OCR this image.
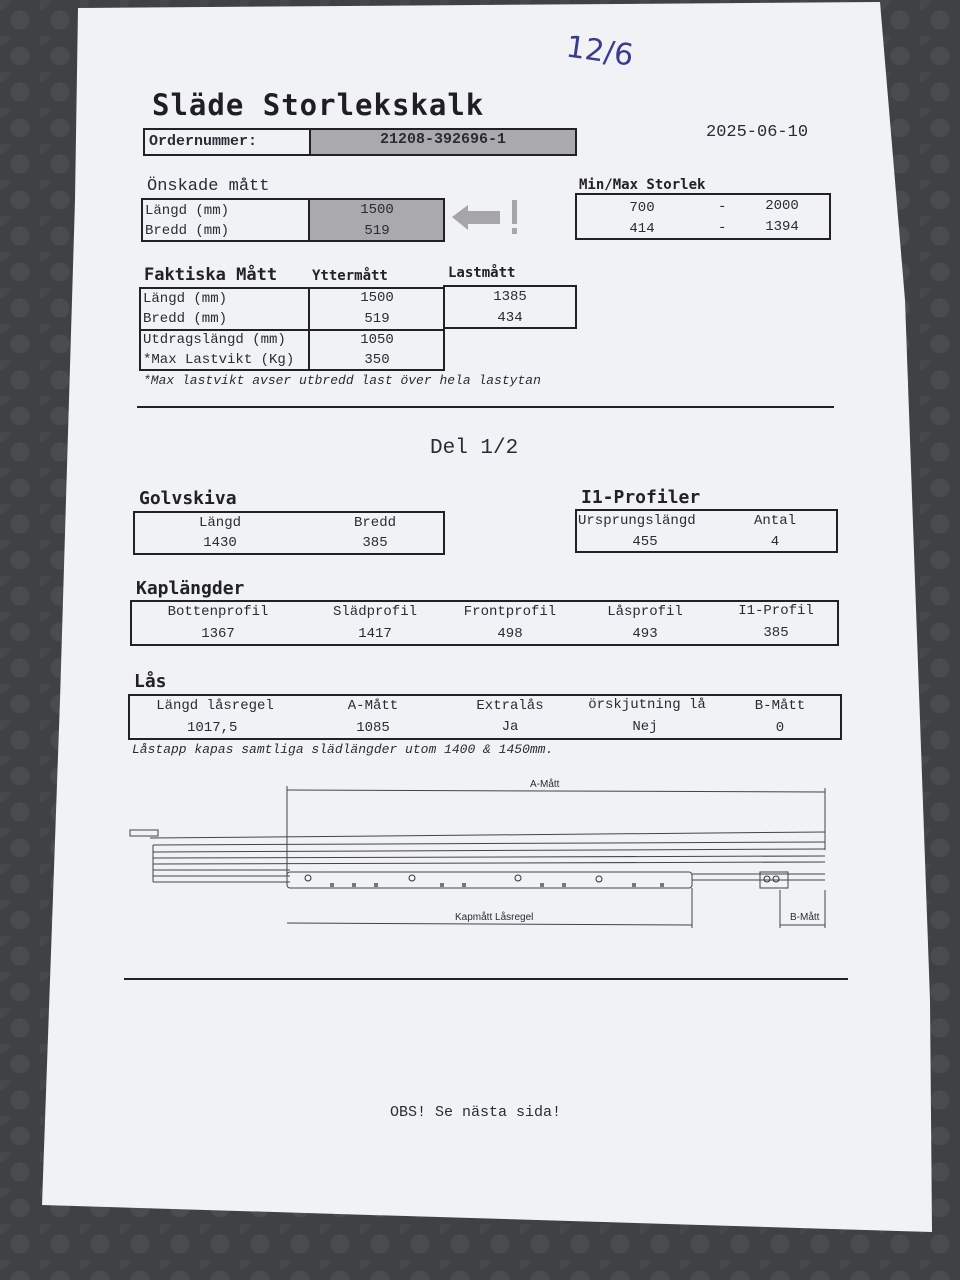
12/6
Släde Storlekskalk
Ordernummer:	21208-392696-1	2025-06-10
Önskade mått
Längd (mm)	1500
Bredd (mm)	519
Min/Max Storlek
700	-	2000
414	-	1394
Faktiska Mått Yttermått	Lastmått
Längd (mm)	1500	1385
Bredd (mm)	519	434
Utdragslängd (mm)	1050
*Max Lastvikt (Kg)	350
*Max lastvikt avser utbredd last över hela lastytan
Del 1/2
Golvskiva
Längd	Bredd
1430	385
I1-Profiler
Ursprungslängd	Antal
455	4
Kaplängder
Bottenprofil	Slädprofil	Frontprofil	Låsprofil	I1-Profil
1367	1417	498	493	385
Lås
Längd låsregel	A-Mått	Extralås	örskjutning lå	B-Mått
1017,5	1085	Ja	Nej	0
Låstapp kapas samtliga slädlängder utom 1400 & 1450mm.
A-Mått
Kapmått Låsregel	B-Mått
OBS! Se nästa sida!
